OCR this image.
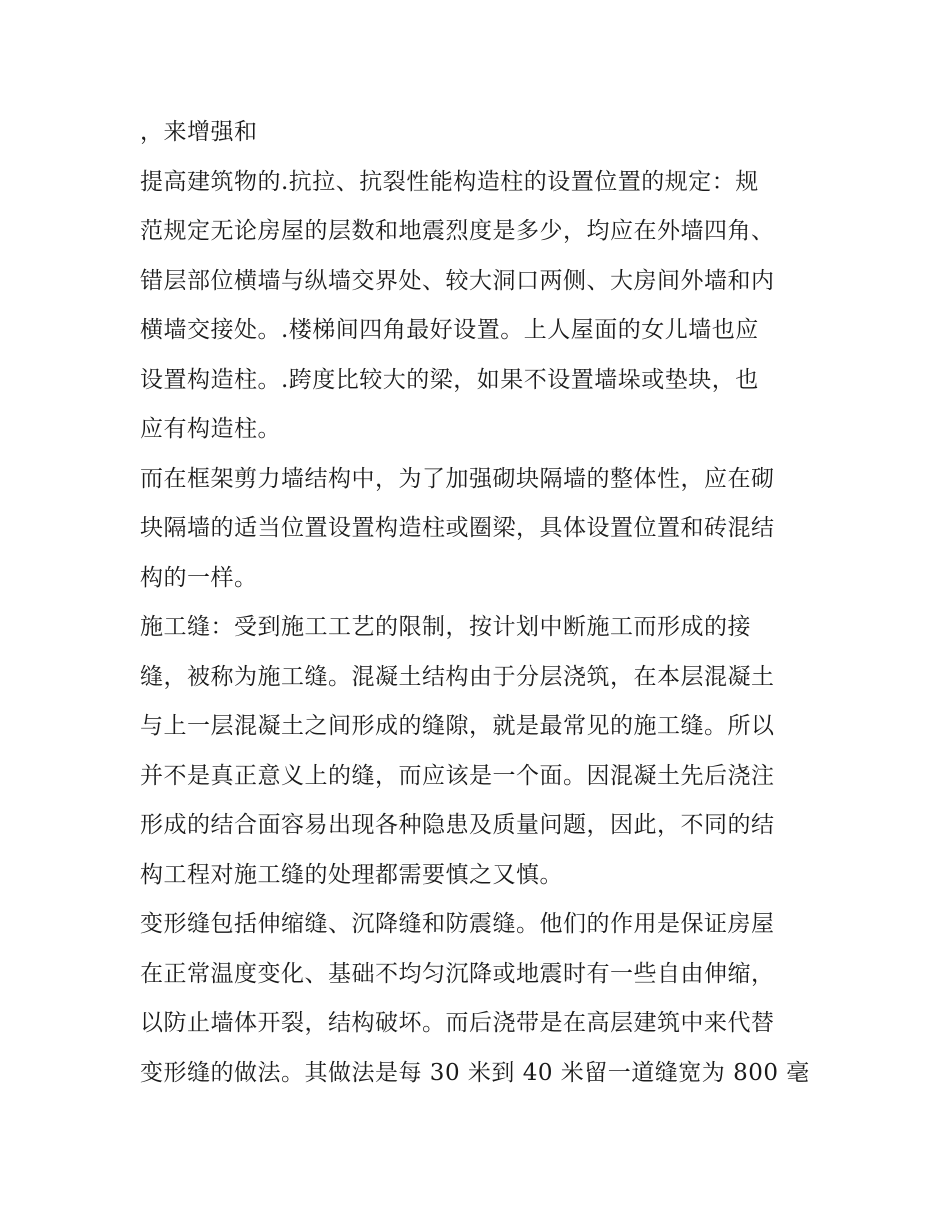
，来增强和
提高建筑物的.抗拉、抗裂性能构造柱的设置位置的规定：规
范规定无论房屋的层数和地震烈度是多少，均应在外墙四角、
错层部位横墙与纵墙交界处、较大洞口两侧、大房间外墙和内
横墙交接处。.楼梯间四角最好设置。上人屋面的女儿墙也应
设置构造柱。.跨度比较大的梁，如果不设置墙垛或垫块，也
应有构造柱。
而在框架剪力墙结构中，为了加强砌块隔墙的整体性，应在砌
块隔墙的适当位置设置构造柱或圈梁，具体设置位置和砖混结
构的一样。
施工缝：受到施工工艺的限制，按计划中断施工而形成的接
缝，被称为施工缝。混凝土结构由于分层浇筑，在本层混凝土
与上一层混凝土之间形成的缝隙，就是最常见的施工缝。所以
并不是真正意义上的缝，而应该是一个面。因混凝土先后浇注
形成的结合面容易出现各种隐患及质量问题，因此，不同的结
构工程对施工缝的处理都需要慎之又慎。
变形缝包括伸缩缝、沉降缝和防震缝。他们的作用是保证房屋
在正常温度变化、基础不均匀沉降或地震时有一些自由伸缩，
以防止墙体开裂，结构破坏。而后浇带是在高层建筑中来代替
变形缝的做法。其做法是每 30 米到 40 米留一道缝宽为 800 毫
